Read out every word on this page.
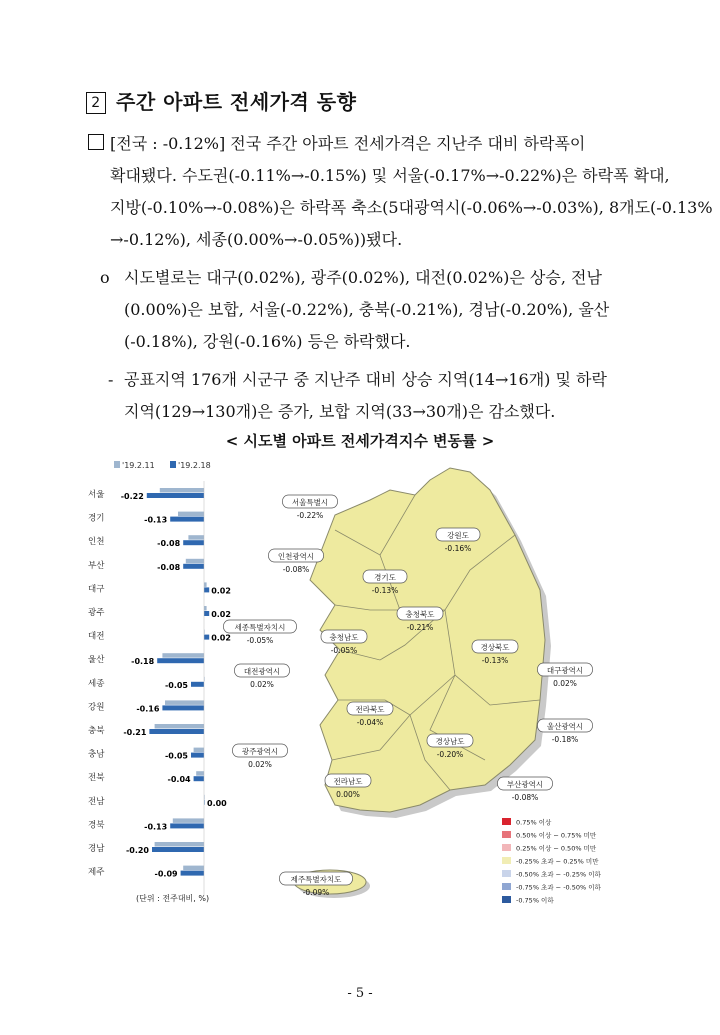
2 주간 아파트 전세가격 동향
[전국 : -0.12%] 전국 주간 아파트 전세가격은 지난주 대비 하락폭이
확대됐다. 수도권(-0.11%→-0.15%) 및 서울(-0.17%→-0.22%)은 하락폭 확대,
지방(-0.10%→-0.08%)은 하락폭 축소(5대광역시(-0.06%→-0.03%), 8개도(-0.13%
→-0.12%), 세종(0.00%→-0.05%))됐다.
o 시도별로는 대구(0.02%), 광주(0.02%), 대전(0.02%)은 상승, 전남
(0.00%)은 보합, 서울(-0.22%), 충북(-0.21%), 경남(-0.20%), 울산
(-0.18%), 강원(-0.16%) 등은 하락했다.
- 공표지역 176개 시군구 중 지난주 대비 상승 지역(14→16개) 및 하락
지역(129→130개)은 증가, 보합 지역(33→30개)은 감소했다.
< 시도별 아파트 전세가격지수 변동률 >
'19.2.11	'19.2.18
서울 -0.22
경기	-0.13
인천	-0.08
부산	-0.08
대구	0.02
광주	0.02
대전	0.02
울산	-0.18
세종	-0.05
강원	-0.16
충북 -0.21
충남	-0.05
전북	-0.04
전남	0.00
경북	-0.13
경남	-0.20
제주	-0.09
(단위 : 전주대비, %)
서울특별시
-0.22%
강원도
-0.16%
인천광역시
-0.08%
경기도
-0.13%
충청북도
-0.21%
세종특별자치시
-0.05%	충청남도
-0.05%	경상북도
-0.13%
대전광역시
0.02%
대구광역시
0.02%
전라북도
-0.04%	울산광역시
-0.18%
광주광역시
0.02%
경상남도
-0.20%
부산광역시
-0.08%
전라남도
0.00%
제주특별자치도
-0.09%
0.75% 이상
0.50% 이상 ~ 0.75% 미만
0.25% 이상 ~ 0.50% 미만
-0.25% 초과 ~ 0.25% 미만
-0.50% 초과 ~ -0.25% 이하
-0.75% 초과 ~ -0.50% 이하
-0.75% 이하
- 5 -
